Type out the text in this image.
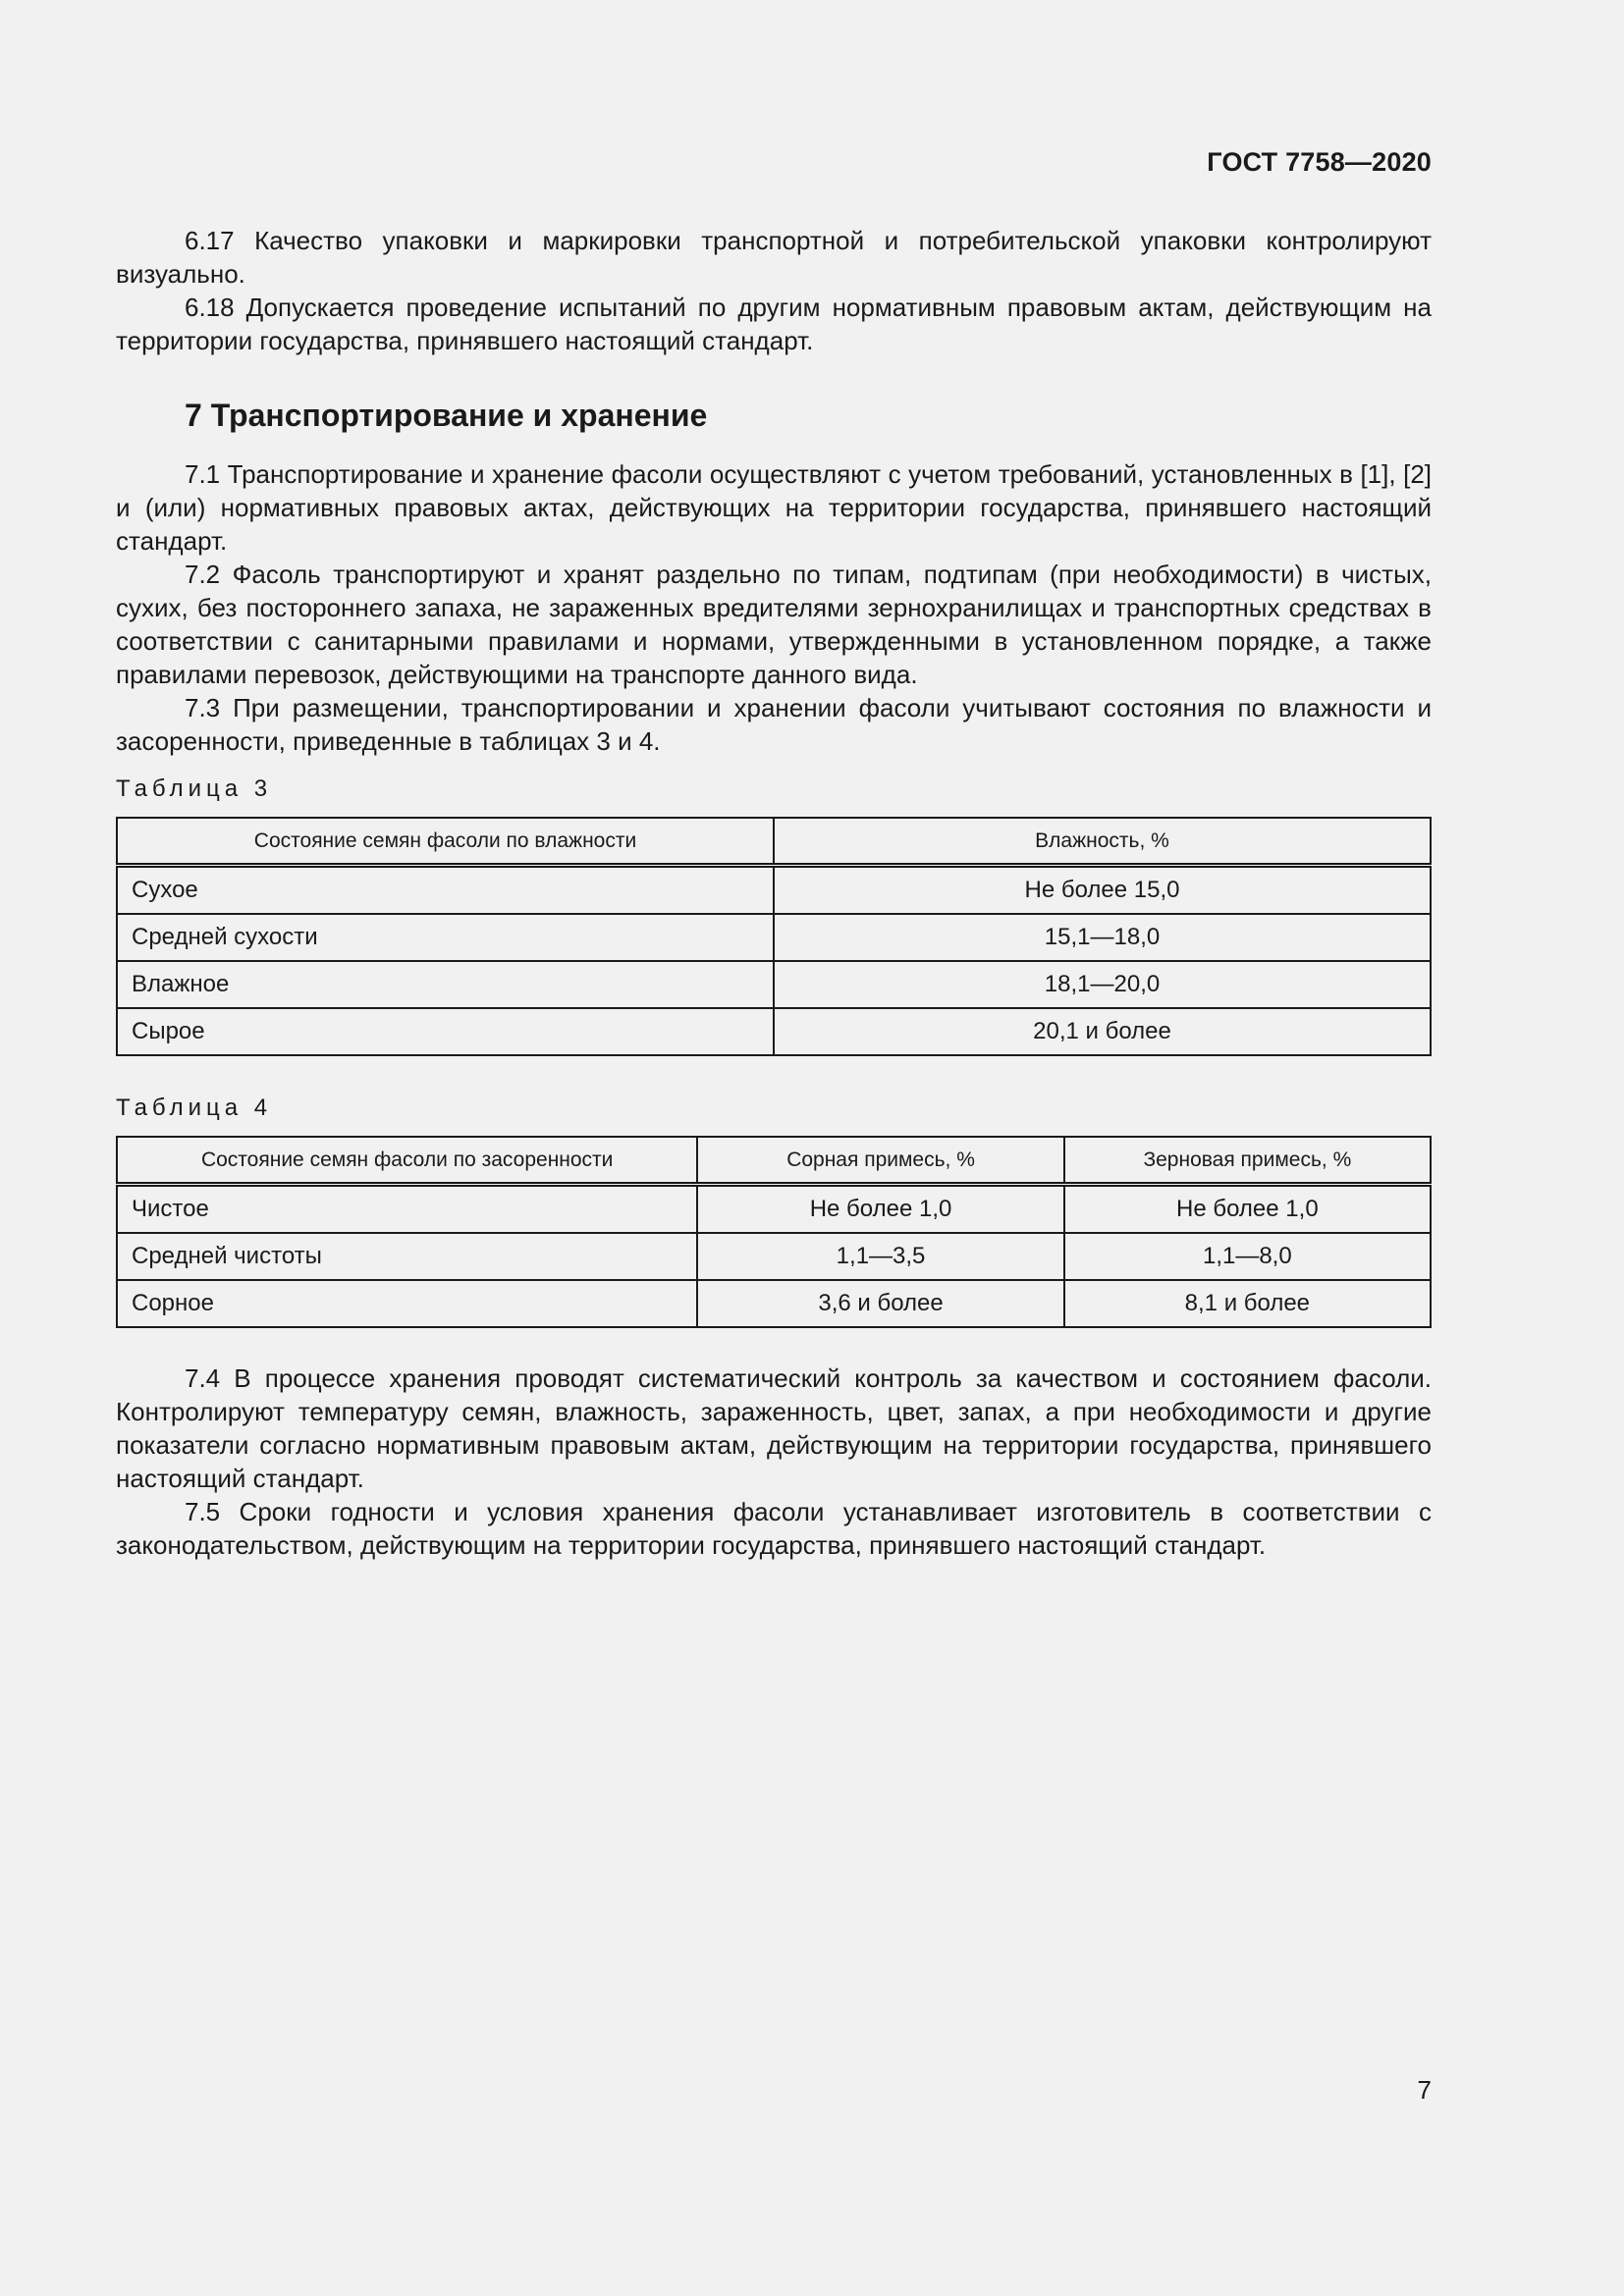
ГОСТ 7758—2020

6.17 Качество упаковки и маркировки транспортной и потребительской упаковки контролируют визуально.

6.18 Допускается проведение испытаний по другим нормативным правовым актам, действующим на территории государства, принявшего настоящий стандарт.

7 Транспортирование и хранение

7.1 Транспортирование и хранение фасоли осуществляют с учетом требований, установленных в [1], [2] и (или) нормативных правовых актах, действующих на территории государства, принявшего настоящий стандарт.

7.2 Фасоль транспортируют и хранят раздельно по типам, подтипам (при необходимости) в чистых, сухих, без постороннего запаха, не зараженных вредителями зернохранилищах и транспортных средствах в соответствии с санитарными правилами и нормами, утвержденными в установленном порядке, а также правилами перевозок, действующими на транспорте данного вида.

7.3 При размещении, транспортировании и хранении фасоли учитывают состояния по влажности и засоренности, приведенные в таблицах 3 и 4.

Таблица 3

Состояние семян фасоли по влажности	Влажность, %
Сухое	Не более 15,0
Средней сухости	15,1—18,0
Влажное	18,1—20,0
Сырое	20,1 и более

Таблица 4

Состояние семян фасоли по засоренности	Сорная примесь, %	Зерновая примесь, %
Чистое	Не более 1,0	Не более 1,0
Средней чистоты	1,1—3,5	1,1—8,0
Сорное	3,6 и более	8,1 и более

7.4 В процессе хранения проводят систематический контроль за качеством и состоянием фасоли. Контролируют температуру семян, влажность, зараженность, цвет, запах, а при необходимости и другие показатели согласно нормативным правовым актам, действующим на территории государства, принявшего настоящий стандарт.

7.5 Сроки годности и условия хранения фасоли устанавливает изготовитель в соответствии с законодательством, действующим на территории государства, принявшего настоящий стандарт.

7
